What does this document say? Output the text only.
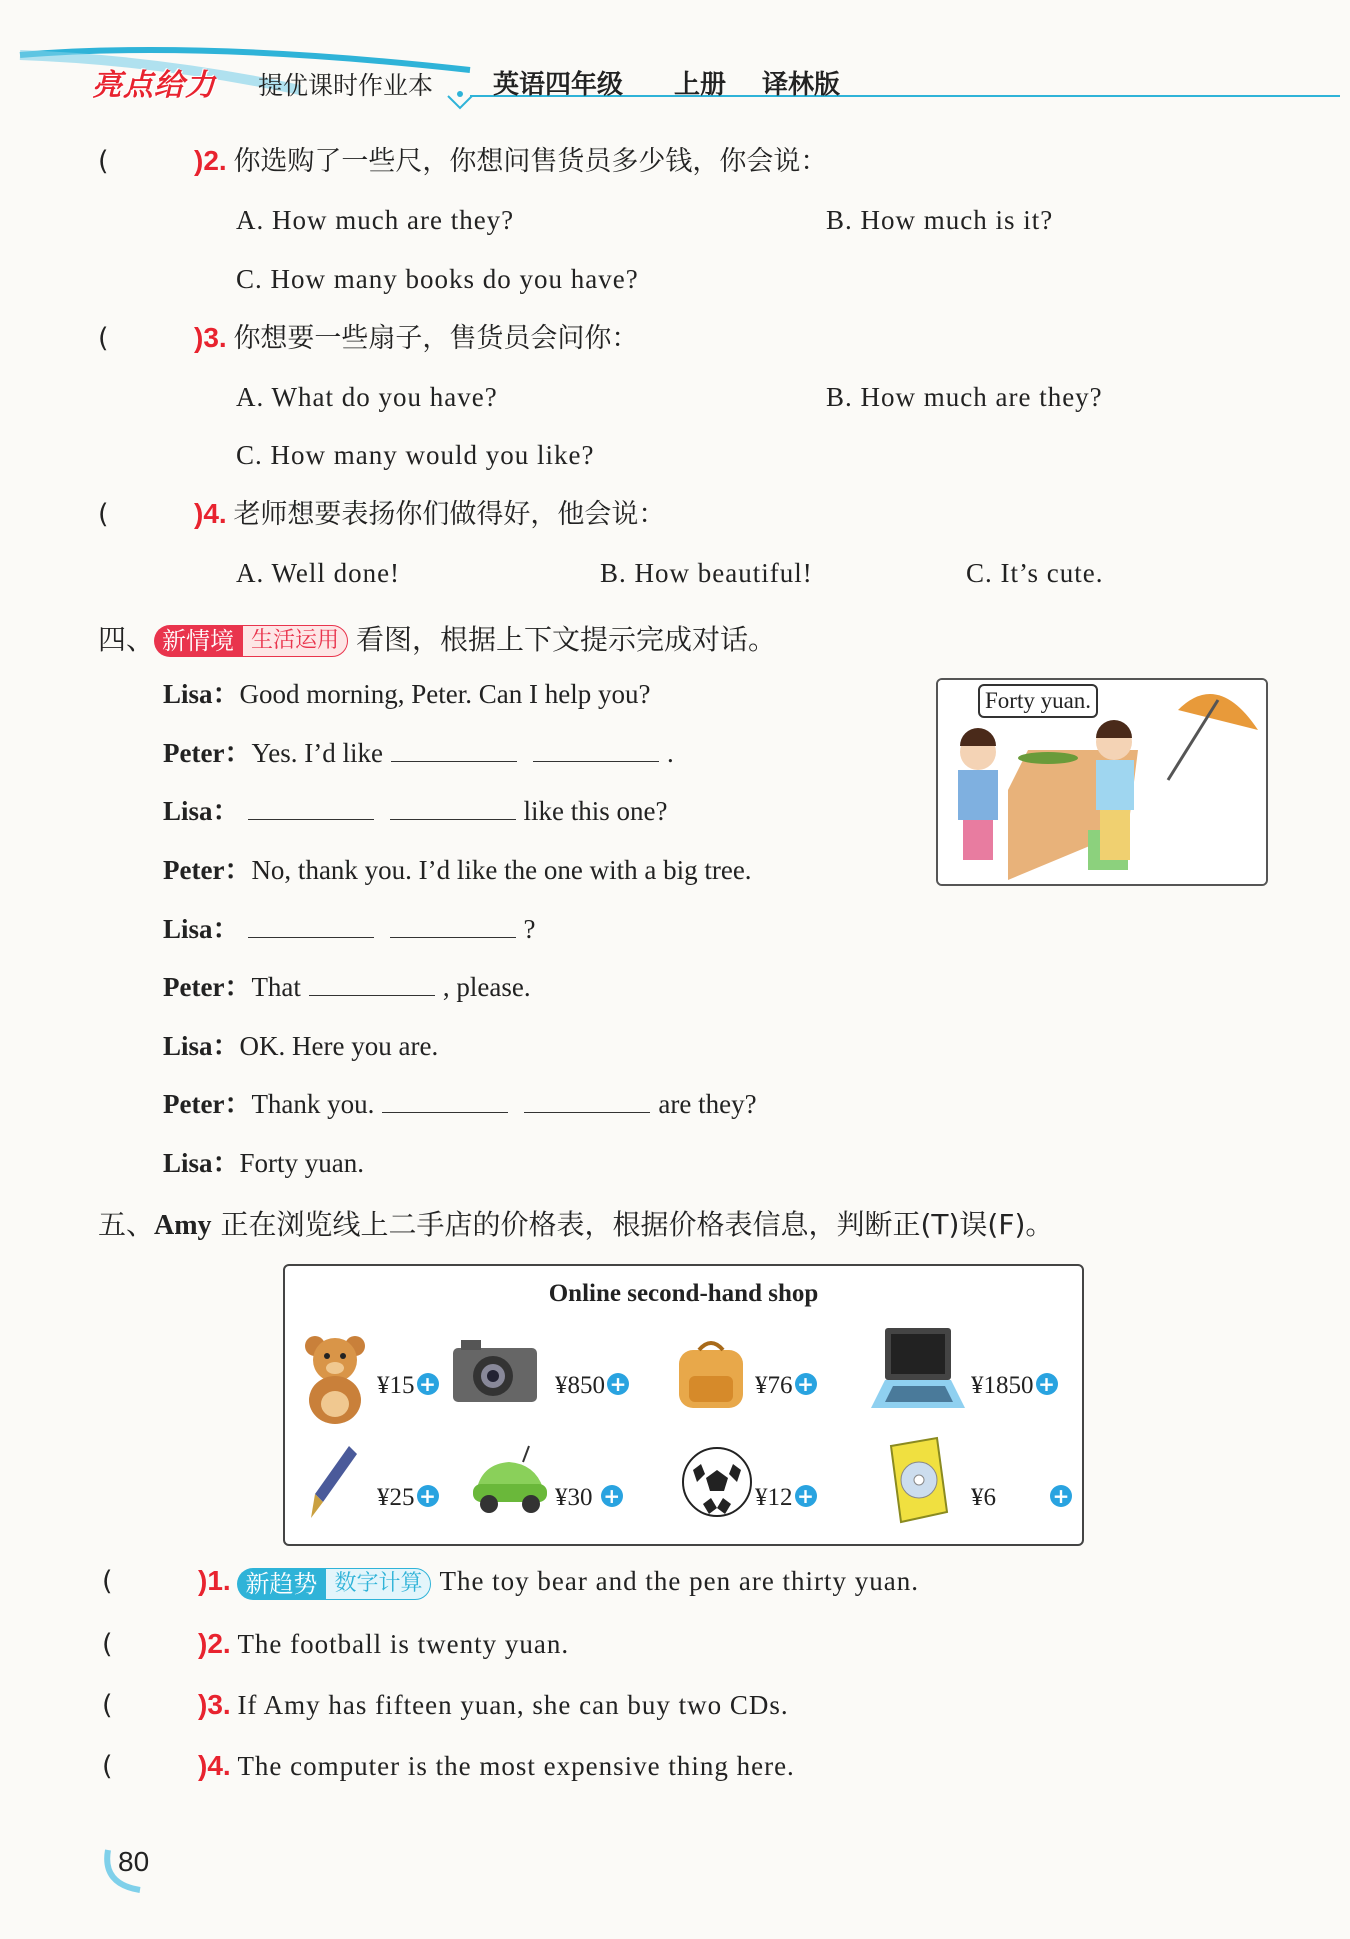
亮点给力 提优课时作业本 英语四年级 上册 译林版
(	)2. 你选购了一些尺，你想问售货员多少钱，你会说：
A. How much are they?	B. How much is it?
C. How many books do you have?
(	)3. 你想要一些扇子，售货员会问你：
A. What do you have?	B. How much are they?
C. How many would you like?
(	)4. 老师想要表扬你们做得好，他会说：
A. Well done!	B. How beautiful!	C. It’s cute.
四、 新情境 生活运用 看图，根据上下文提示完成对话。
Lisa：Good morning, Peter. Can I help you?
Peter：Yes. I’d like	.
Lisa：	like this one?
Peter：No, thank you. I’d like the one with a big tree.
Lisa：	?
Peter：That	, please.
Lisa：OK. Here you are.
Peter：Thank you.	are they?
Lisa：Forty yuan.
Forty yuan.
五、Amy 正在浏览线上二手店的价格表，根据价格表信息，判断正(T)误(F)。
Online second-hand shop
¥15 +	¥850 +	¥76 +	¥1850 +
¥25 +	¥30 +	¥12 +	¥6	+
(	)1. 新趋势 数字计算 The toy bear and the pen are thirty yuan.
(	)2. The football is twenty yuan.
(	)3. If Amy has fifteen yuan, she can buy two CDs.
(	)4. The computer is the most expensive thing here.
80
